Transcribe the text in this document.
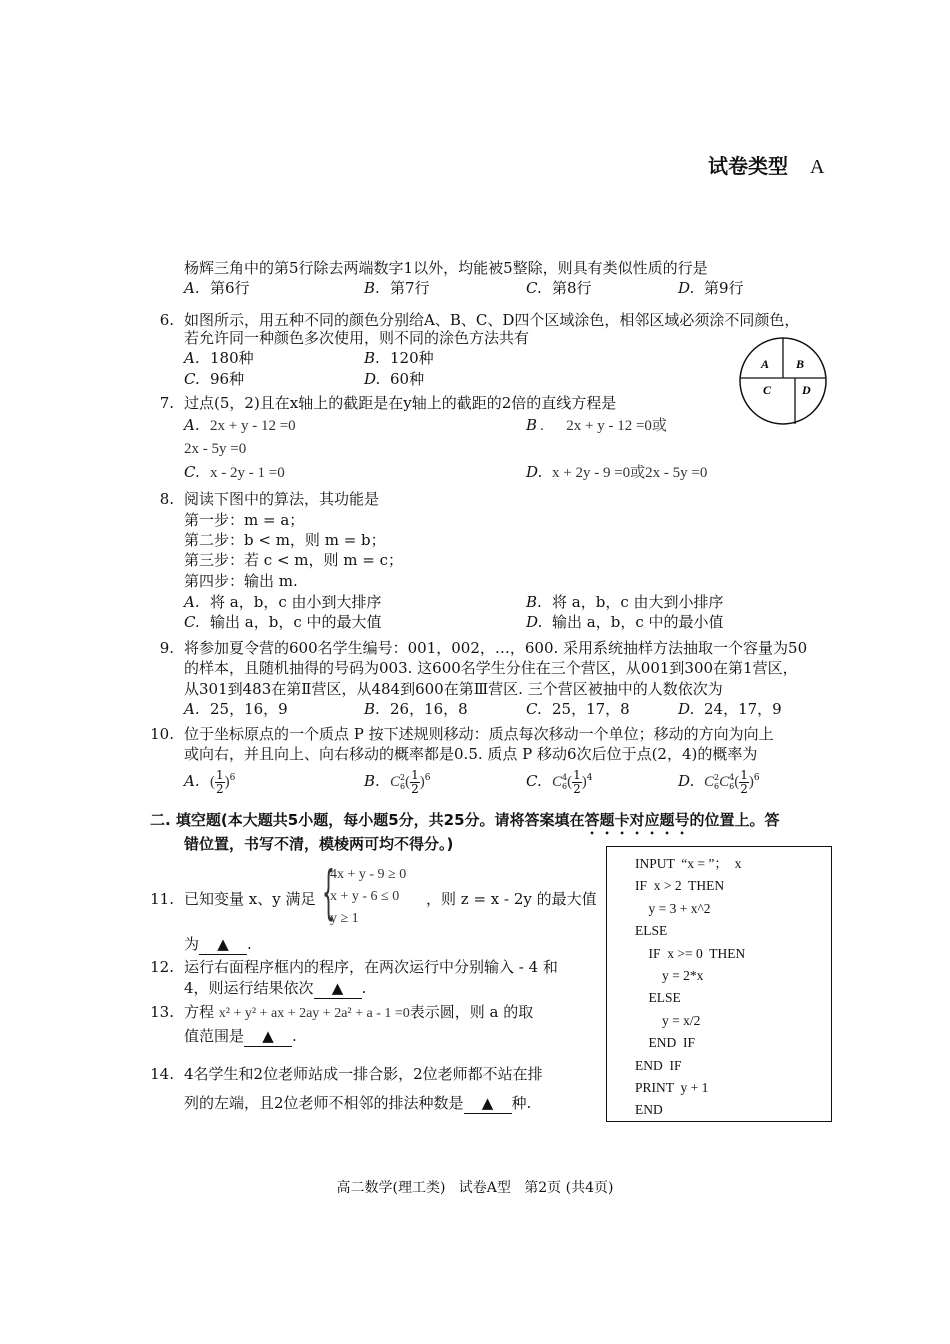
试卷类型 A
杨辉三角中的第5行除去两端数字1以外，均能被5整除，则具有类似性质的行是
A. 第6行	B. 第7行	C. 第8行	D. 第9行
6. 如图所示，用五种不同的颜色分别给A、B、C、D四个区域涂色，相邻区域必须涂不同颜色，
若允许同一种颜色多次使用，则不同的涂色方法共有
A. 180种	B. 120种
C. 96种	D. 60种
A B
C	D
7. 过点(5，2)且在x轴上的截距是在y轴上的截距的2倍的直线方程是
A. 2x + y - 12 =0	B .      2x + y - 12 =0或
2x - 5y =0
C. x - 2y - 1 =0	D. x + 2y - 9 =0或2x - 5y =0
8. 阅读下图中的算法，其功能是
第一步：m = a；
第二步：b < m，则 m = b；
第三步：若 c < m，则 m = c；
第四步：输出 m.
A. 将 a，b，c 由小到大排序	B. 将 a，b，c 由大到小排序
C. 输出 a，b，c 中的最大值	D. 输出 a，b，c 中的最小值
9. 将参加夏令营的600名学生编号：001，002，…，600. 采用系统抽样方法抽取一个容量为50
的样本，且随机抽得的号码为003. 这600名学生分住在三个营区，从001到300在第1营区，
从301到483在第Ⅱ营区，从484到600在第Ⅲ营区. 三个营区被抽中的人数依次为
A. 25，16，9	B. 26，16，8	C. 25，17，8	D. 24，17，9
10. 位于坐标原点的一个质点 P 按下述规则移动：质点每次移动一个单位；移动的方向为向上
或向右，并且向上、向右移动的概率都是0.5. 质点 P 移动6次后位于点(2，4)的概率为
A. ( $\frac{1}{2} )^6$	B. C 2
6 ( $\frac{1}{2} )^6$	C. C 4
6 ( $\frac{1}{2} )^4$	D. C 2
6 C 4
6 ( $\frac{1}{2} )^6$
二. 填空题(本大题共5小题，每小题5分，共25分。请将答案填在答题卡对应题号的位置上。答
错位置，书写不清，模棱两可均不得分。)
11. 已知变量 x、y 满足 {
4x + y - 9 ≥ 0
x + y - 6 ≤ 0
y ≥ 1
，则 z = x - 2y 的最大值
为 ▲ .
12. 运行右面程序框内的程序，在两次运行中分别输入 - 4 和
4，则运行结果依次 ▲ .
13. 方程 x² + y² + ax + 2ay + 2a² + a - 1 =0表示圆，则 a 的取
值范围是 ▲ .
14. 4名学生和2位老师站成一排合影，2位老师都不站在排
列的左端，且2位老师不相邻的排法种数是 ▲ 种.
INPUT  “x = ”；  x
IF  x > 2  THEN
y = 3 + x^2
ELSE
IF  x >= 0  THEN
y = 2*x
ELSE
y = x/2
END  IF
END  IF
PRINT  y + 1
END
高二数学(理工类)   试卷A型   第2页 (共4页)
